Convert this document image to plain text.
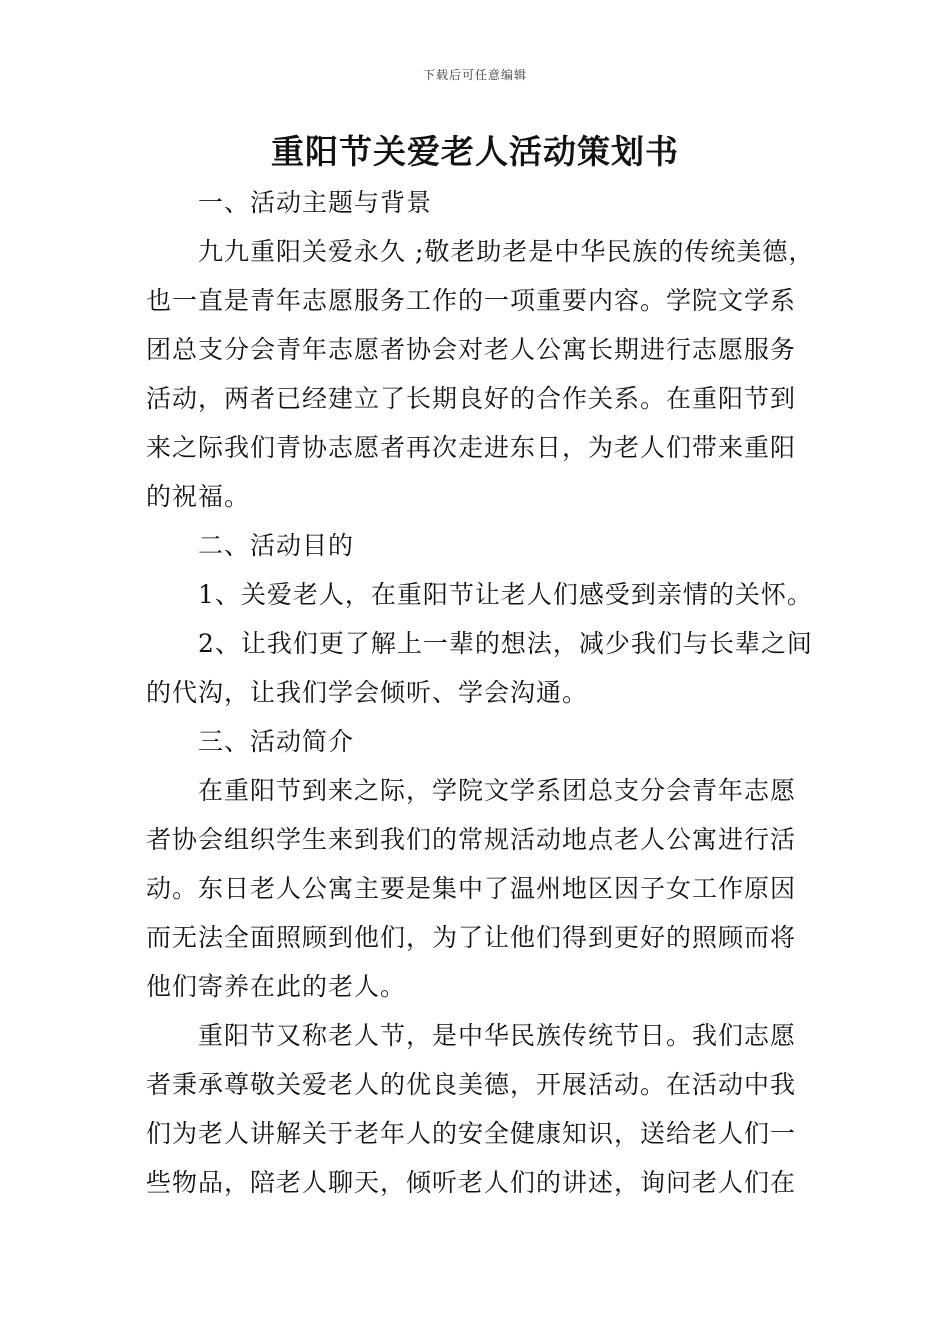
下载后可任意编辑
重阳节关爱老人活动策划书
一、活动主题与背景
九九重阳关爱永久 ;敬老助老是中华民族的传统美德，
也一直是青年志愿服务工作的一项重要内容。学院文学系
团总支分会青年志愿者协会对老人公寓长期进行志愿服务
活动，两者已经建立了长期良好的合作关系。在重阳节到
来之际我们青协志愿者再次走进东日，为老人们带来重阳
的祝福。
二、活动目的
1、关爱老人，在重阳节让老人们感受到亲情的关怀。
2、让我们更了解上一辈的想法，减少我们与长辈之间
的代沟，让我们学会倾听、学会沟通。
三、活动简介
在重阳节到来之际，学院文学系团总支分会青年志愿
者协会组织学生来到我们的常规活动地点老人公寓进行活
动。东日老人公寓主要是集中了温州地区因子女工作原因
而无法全面照顾到他们，为了让他们得到更好的照顾而将
他们寄养在此的老人。
重阳节又称老人节，是中华民族传统节日。我们志愿
者秉承尊敬关爱老人的优良美德，开展活动。在活动中我
们为老人讲解关于老年人的安全健康知识，送给老人们一
些物品，陪老人聊天，倾听老人们的讲述，询问老人们在
